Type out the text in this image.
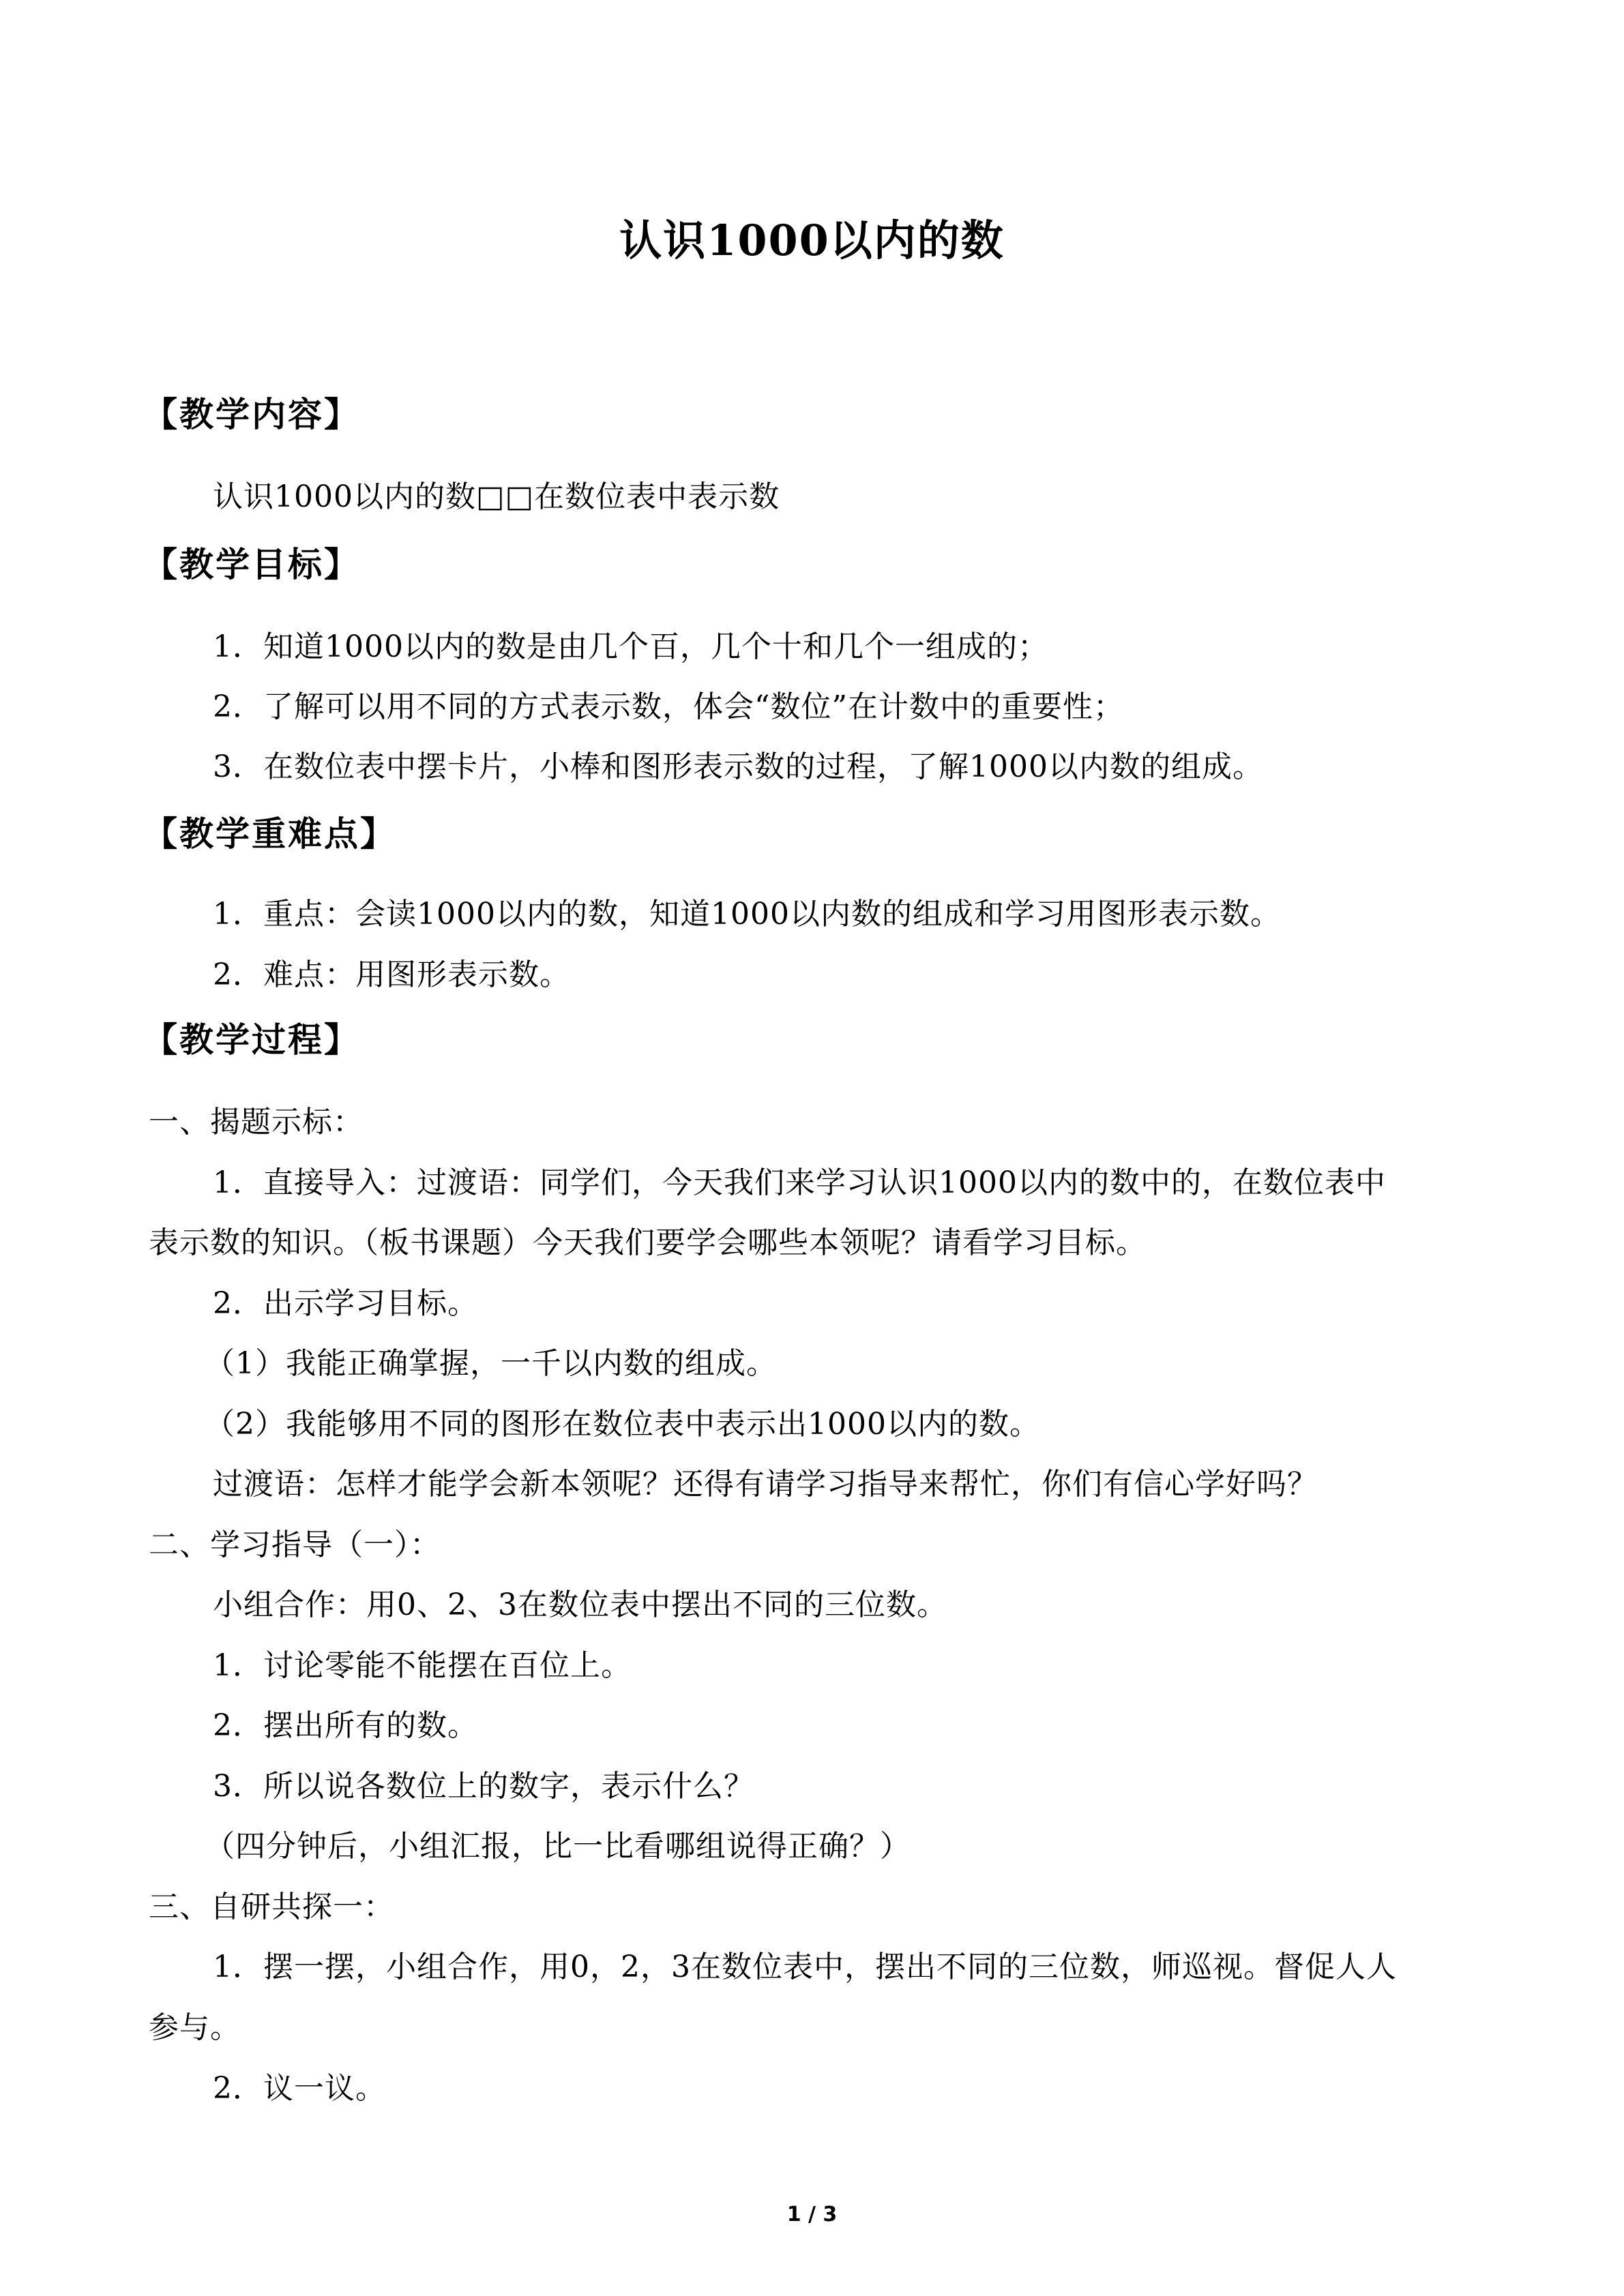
认识1000以内的数
【教学内容】
认识1000以内的数□□在数位表中表示数
【教学目标】
1．知道1000以内的数是由几个百，几个十和几个一组成的；
2．了解可以用不同的方式表示数，体会“数位”在计数中的重要性；
3．在数位表中摆卡片，小棒和图形表示数的过程，了解1000以内数的组成。
【教学重难点】
1．重点：会读1000以内的数，知道1000以内数的组成和学习用图形表示数。
2．难点：用图形表示数。
【教学过程】
一、揭题示标：
1．直接导入：过渡语：同学们，今天我们来学习认识1000以内的数中的，在数位表中
表示数的知识。（板书课题）今天我们要学会哪些本领呢？请看学习目标。
2．出示学习目标。
（1）我能正确掌握，一千以内数的组成。
（2）我能够用不同的图形在数位表中表示出1000以内的数。
过渡语：怎样才能学会新本领呢？还得有请学习指导来帮忙，你们有信心学好吗？
二、学习指导（一）：
小组合作：用0、2、3在数位表中摆出不同的三位数。
1．讨论零能不能摆在百位上。
2．摆出所有的数。
3．所以说各数位上的数字，表示什么？
（四分钟后，小组汇报，比一比看哪组说得正确？）
三、自研共探一：
1．摆一摆，小组合作，用0，2，3在数位表中，摆出不同的三位数，师巡视。督促人人
参与。
2．议一议。
1 / 3
